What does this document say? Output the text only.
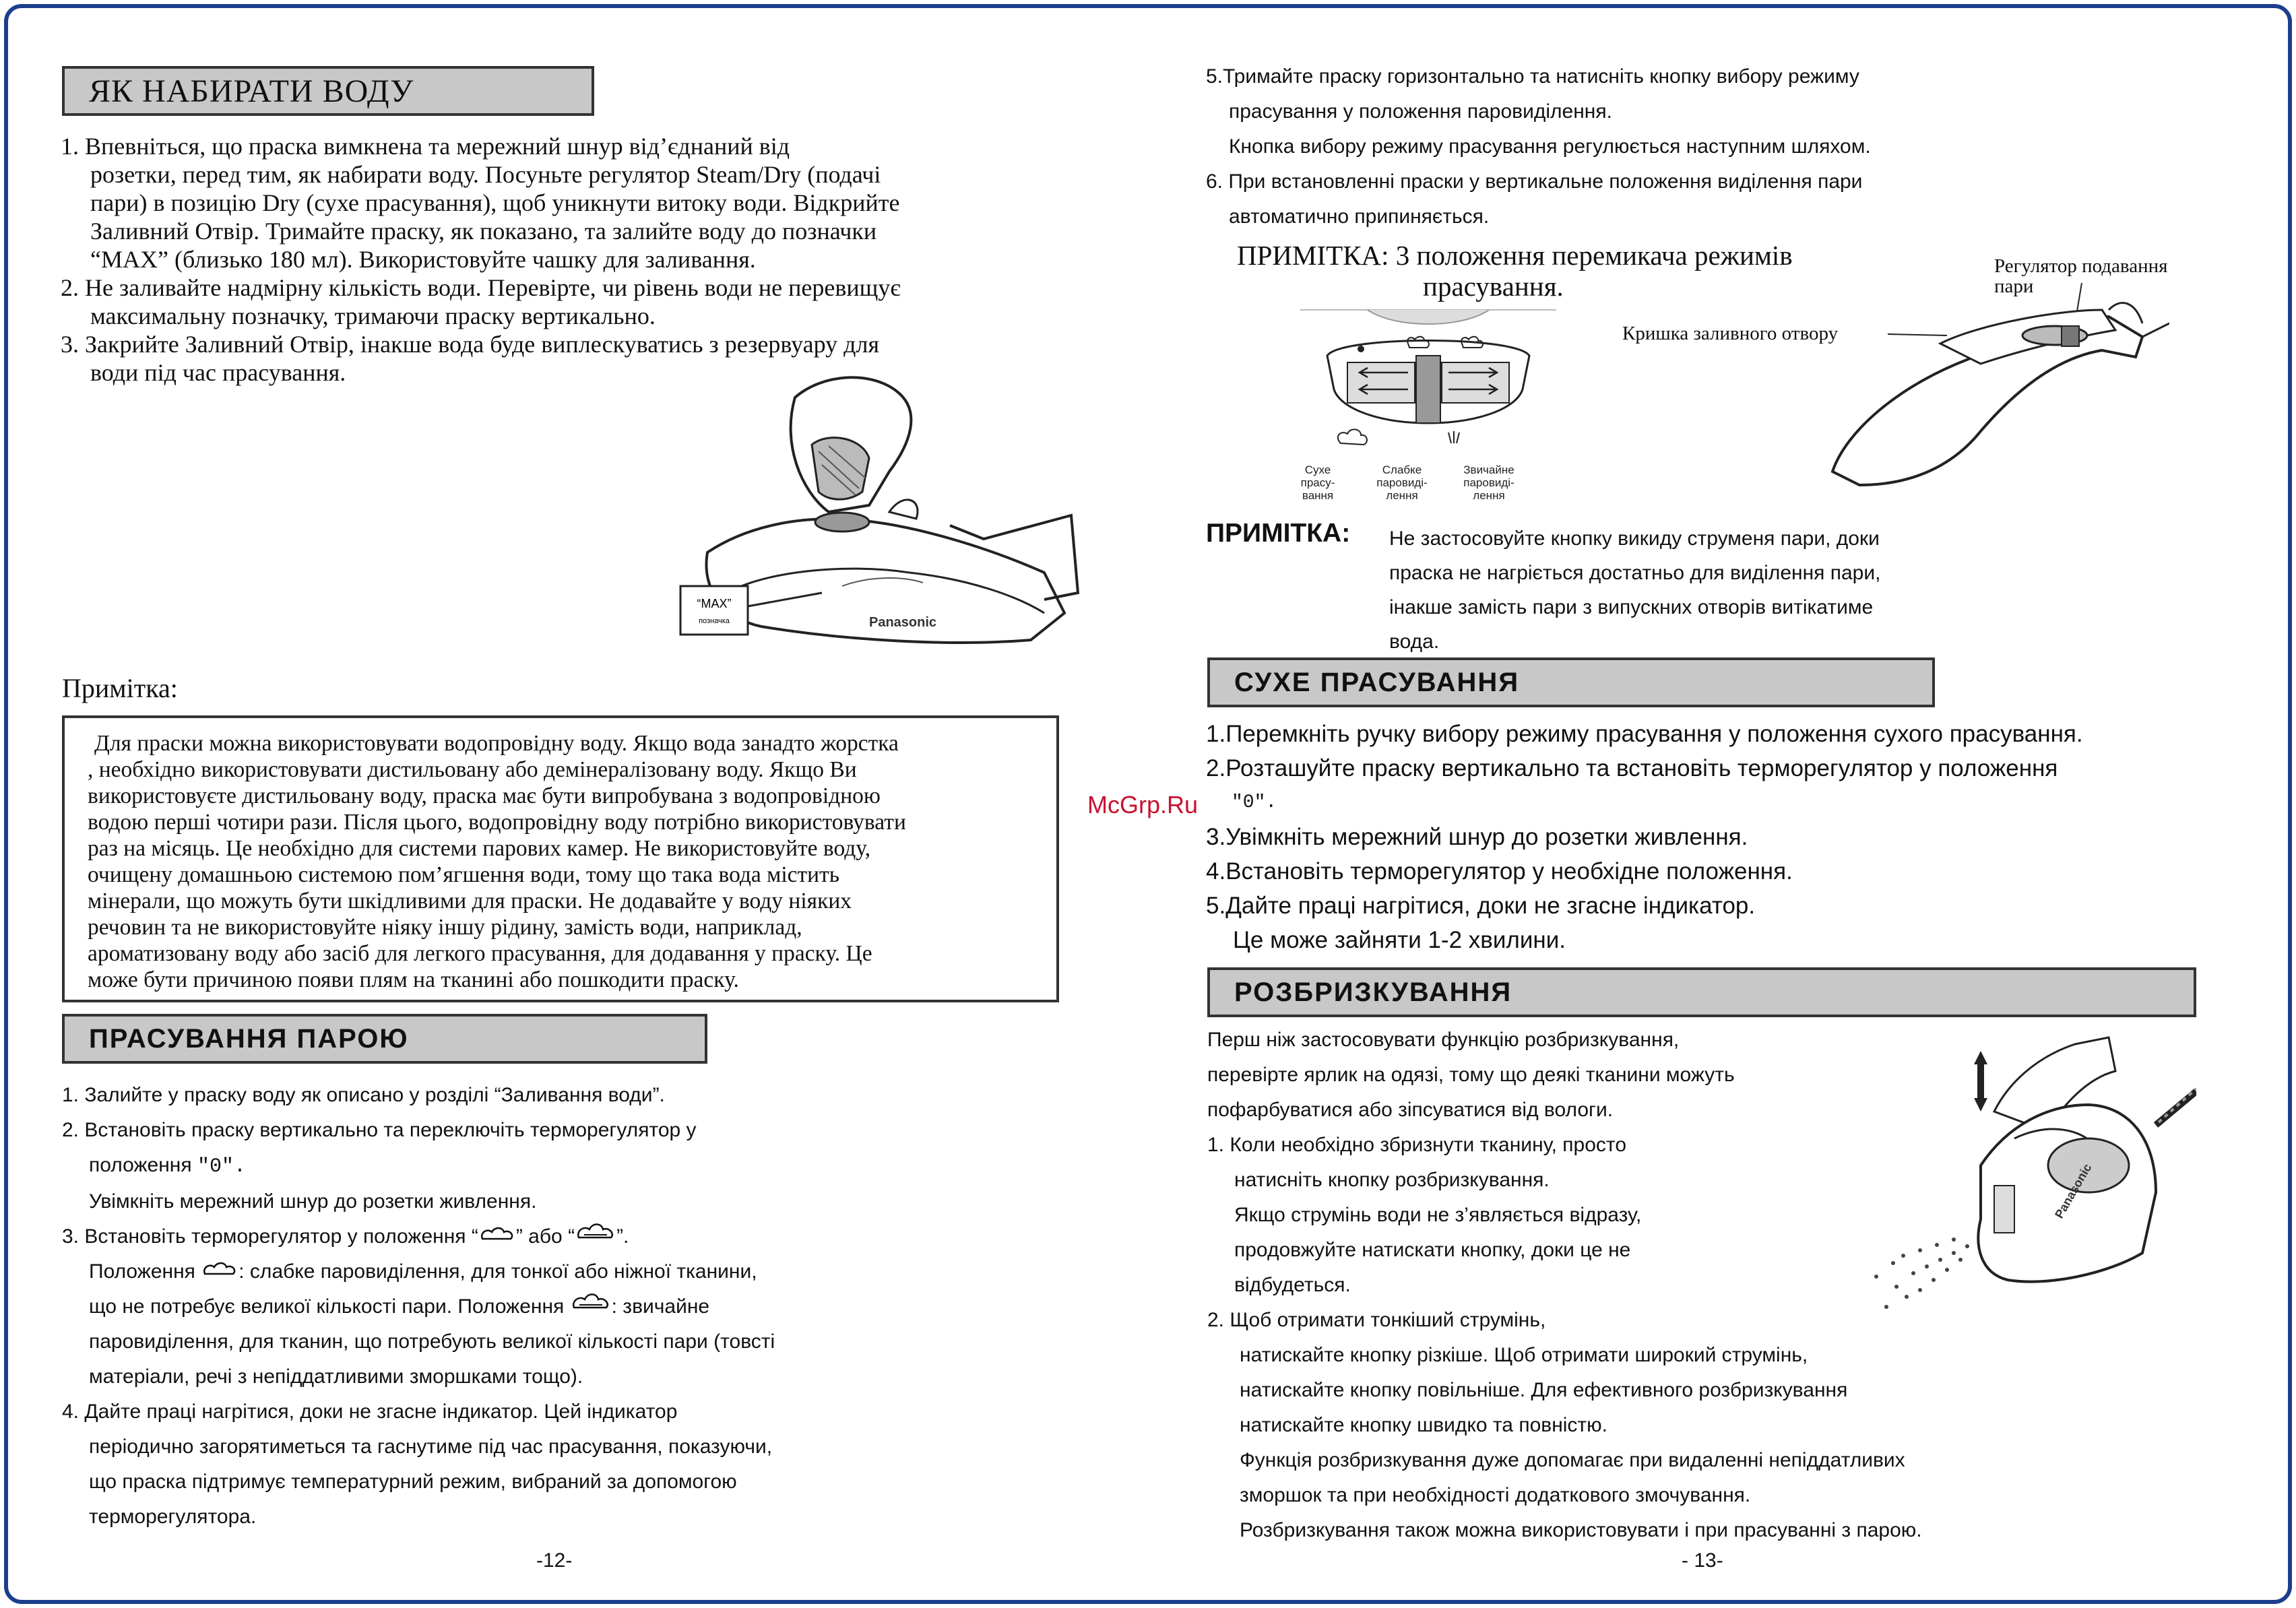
ЯК НАБИРАТИ ВОДУ
1. Впевніться, що праска вимкнена та мережний шнур від’єднаний від
розетки, перед тим, як набирати воду. Посуньте регулятор Steam/Dry (подачі
пари) в позицію Dry (сухе прасування), щоб уникнути витоку води. Відкрийте
Заливний Отвір. Тримайте праску, як показано, та залийте воду до позначки
“MAX” (близько 180 мл). Використовуйте чашку для заливання.
2. Не заливайте надмірну кількість води. Перевірте, чи рівень води не перевищує
максимальну позначку, тримаючи праску вертикально.
3. Закрийте Заливний Отвір, інакше вода буде виплескуватись з резервуару для
води під час прасування.
Panasonic
“MAX”
позначка
Примітка:
Для праски можна використовувати водопровідну воду. Якщо вода занадто жорстка
, необхідно використовувати дистильовану або демінералізовану воду. Якщо Ви
використовуєте дистильовану воду, праска має бути випробувана з водопровідною
водою перші чотири рази. Після цього, водопровідну воду потрібно використовувати
раз на місяць. Це необхідно для системи парових камер. Не використовуйте воду,
очищену домашньою системою пом’ягшення води, тому що така вода містить
мінерали, що можуть бути шкідливими для праски. Не додавайте у воду ніяких
речовин та не використовуйте ніяку іншу рідину, замість води, наприклад,
ароматизовану воду або засіб для легкого прасування, для додавання у праску. Це
може бути причиною появи плям на тканині або пошкодити праску.
ПРАСУВАННЯ ПАРОЮ
1. Залийте у праску воду як описано у розділі “Заливання води”.
2. Встановіть праску вертикально та переключіть терморегулятор у
положення "0".
Увімкніть мережний шнур до розетки живлення.
3. Встановіть терморегулятор у положення “ ” або “ ”.
Положення : слабке паровиділення, для тонкої або ніжної тканини,
що не потребує великої кількості пари. Положення : звичайне
паровиділення, для тканин, що потребують великої кількості пари (товсті
матеріали, речі з непіддатливими зморшками тощо).
4. Дайте праці нагрітися, доки не згасне індикатор. Цей індикатор
періодично загорятиметься та гаснутиме під час прасування, показуючи,
що праска підтримує температурний режим, вибраний за допомогою
терморегулятора.
-12-
5.Тримайте праску горизонтально та натисніть кнопку вибору режиму
прасування у положення паровиділення.
Кнопка вибору режиму прасування регулюється наступним шляхом.
6. При встановленні праски у вертикальне положення виділення пари
автоматично припиняється.
ПРИМІТКА: 3 положення перемикача режимів
прасування.
Сухе
прасу-
вання
Слабке
паровиді-
лення
Звичайне
паровиді-
лення
Регулятор подавання
пари
Кришка заливного отвору
ПРИМІТКА: Не застосовуйте кнопку викиду струменя пари, доки
праска не нагріється достатньо для виділення пари,
інакше замість пари з випускних отворів витікатиме
вода.
СУХЕ ПРАСУВАННЯ
1.Перемкніть ручку вибору режиму прасування у положення сухого прасування.
2.Розташуйте праску вертикально та встановіть терморегулятор у положення
"0".
3.Увімкніть мережний шнур до розетки живлення.
4.Встановіть терморегулятор у необхідне положення.
5.Дайте праці нагрітися, доки не згасне індикатор.
Це може зайняти 1-2 хвилини.
РОЗБРИЗКУВАННЯ
Перш ніж застосовувати функцію розбризкування,
перевірте ярлик на одязі, тому що деякі тканини можуть
пофарбуватися або зіпсуватися від вологи.
1. Коли необхідно збризнути тканину, просто
натисніть кнопку розбризкування.
Якщо струмінь води не з’являється відразу,
продовжуйте натискати кнопку, доки це не
відбудеться.
2. Щоб отримати тонкіший струмінь,
натискайте кнопку різкіше. Щоб отримати широкий струмінь,
натискайте кнопку повільніше. Для ефективного розбризкування
натискайте кнопку швидко та повністю.
Функція розбризкування дуже допомагає при видаленні непіддатливих
зморшок та при необхідності додаткового змочування.
Розбризкування також можна використовувати і при прасуванні з парою.
Panasonic
- 13-
McGrp.Ru
